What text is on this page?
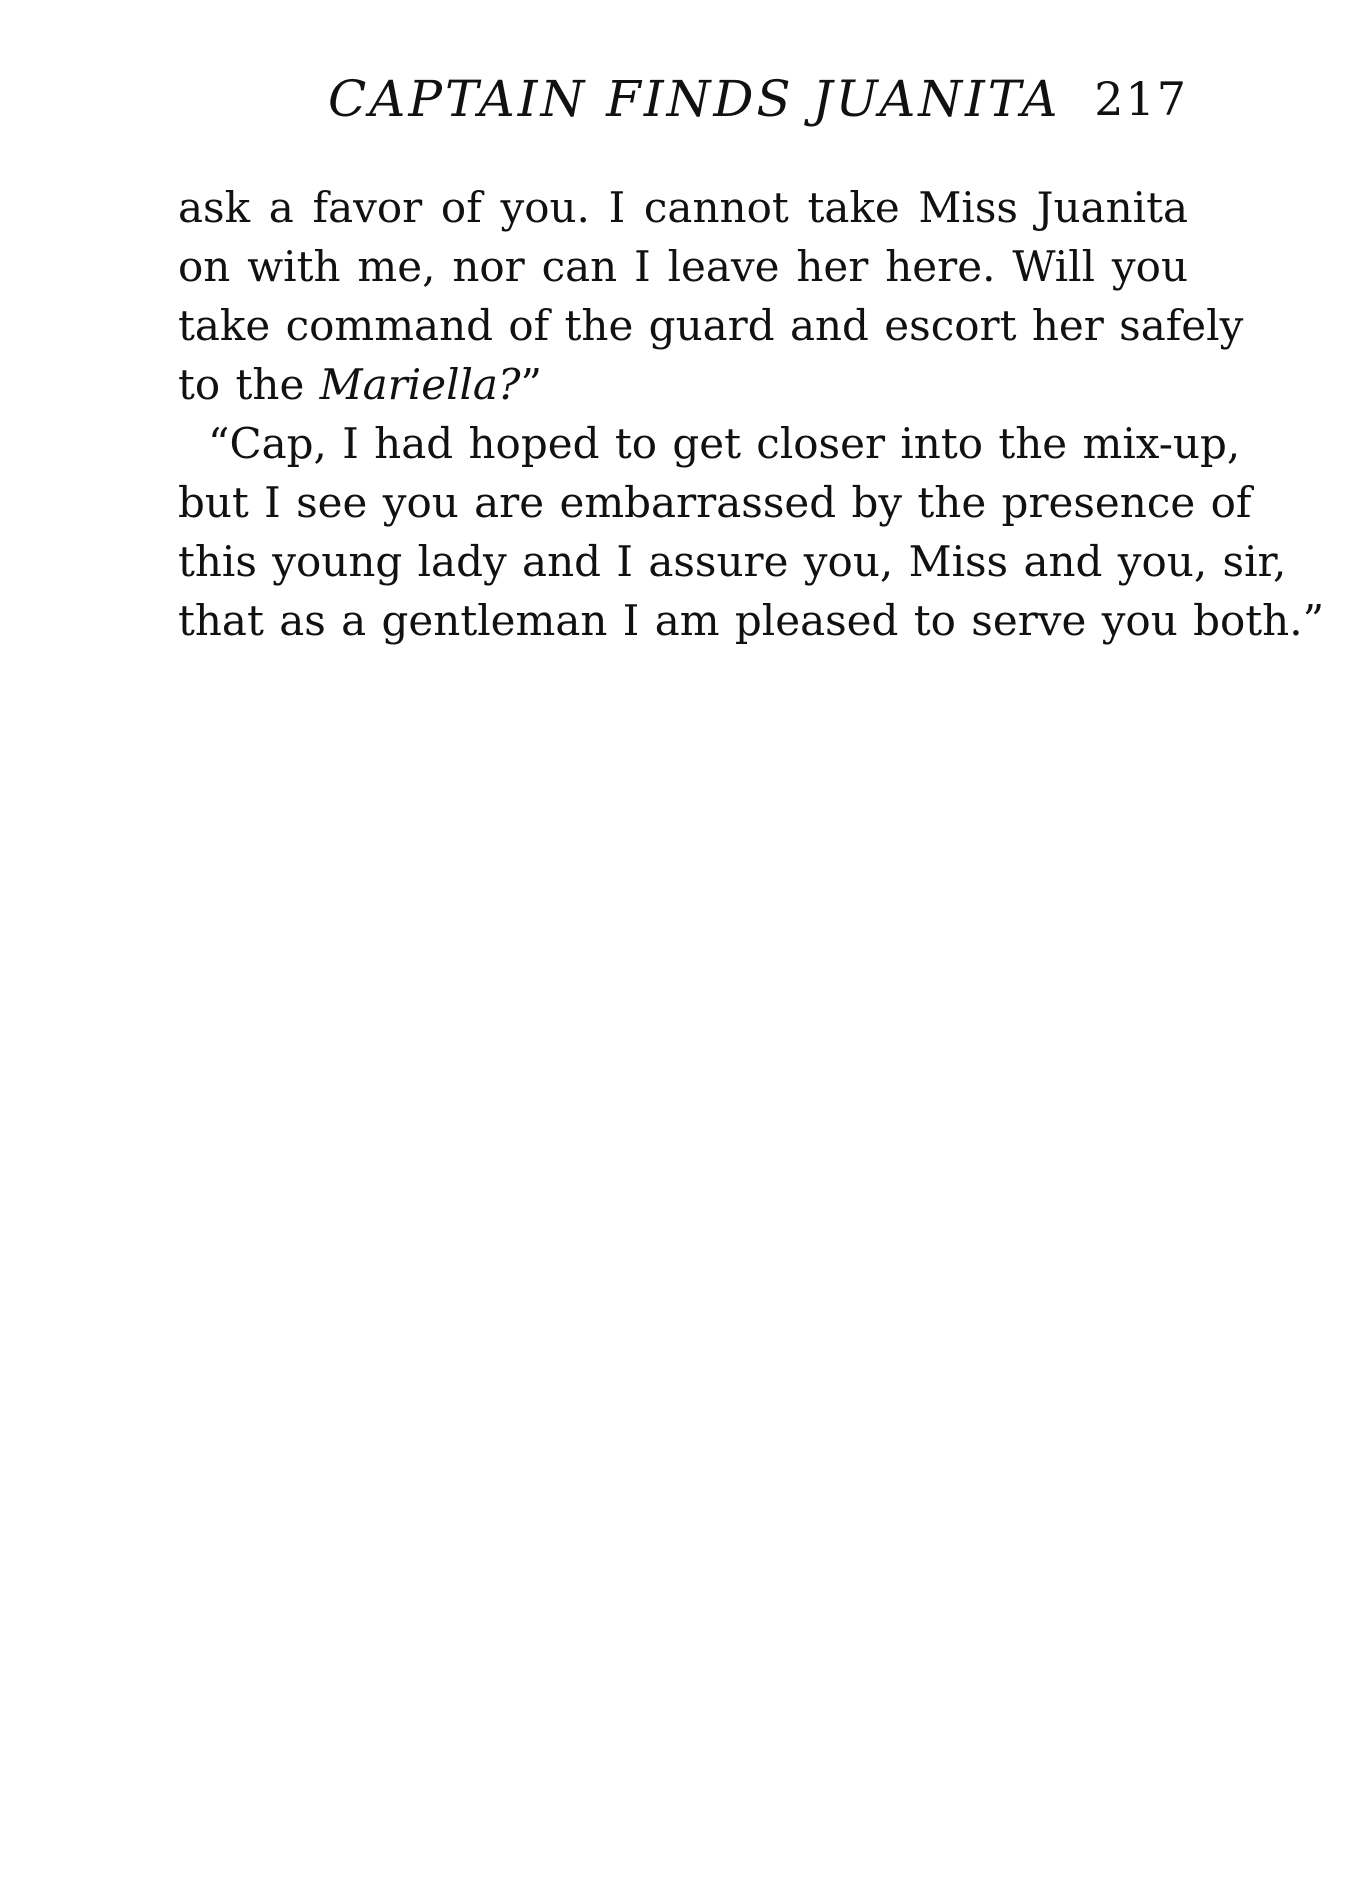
CAPTAIN FINDS JUANITA 217
ask a favor of you. I cannot take Miss Juanita
on with me, nor can I leave her here. Will you
take command of the guard and escort her safely
to the Mariella?”
“Cap, I had hoped to get closer into the mix-up,
but I see you are embarrassed by the presence of
this young lady and I assure you, Miss and you, sir,
that as a gentleman I am pleased to serve you both.”
